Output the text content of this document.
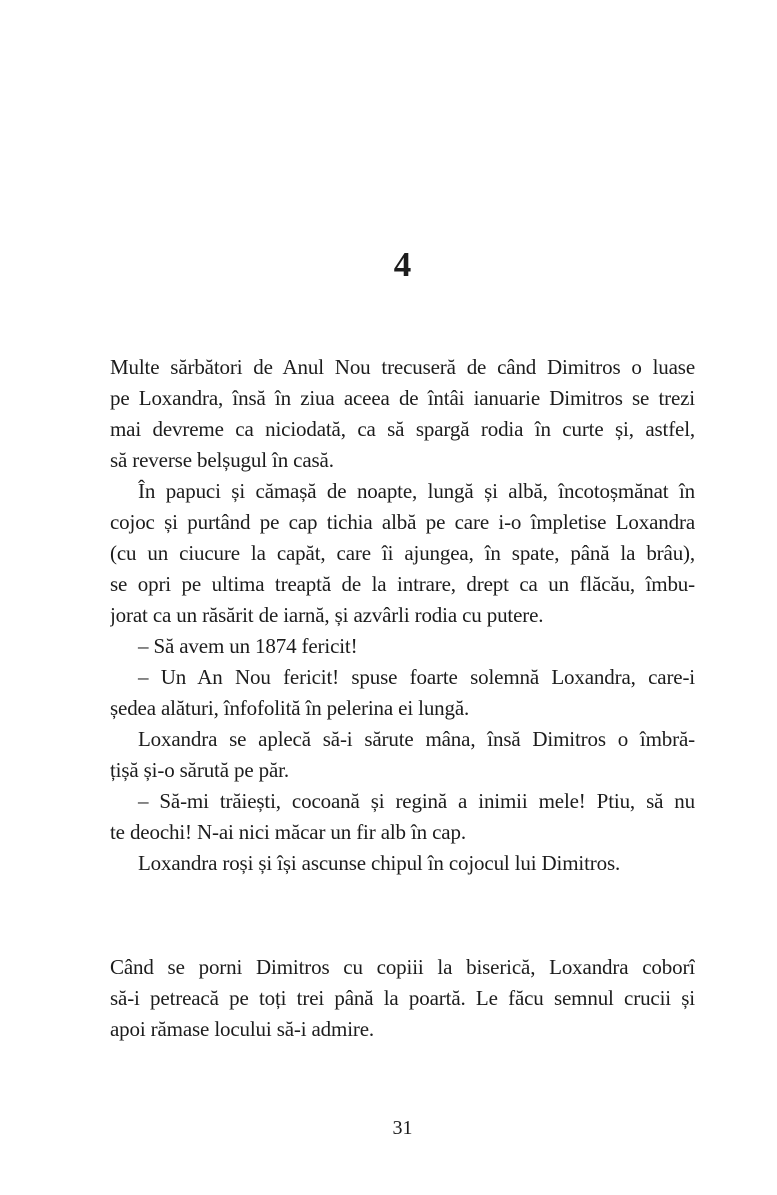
4
Multe sărbători de Anul Nou trecuseră de când Dimitros o luase
pe Loxandra, însă în ziua aceea de întâi ianuarie Dimitros se trezi
mai devreme ca niciodată, ca să spargă rodia în curte și, astfel,
să reverse belșugul în casă.
În papuci și cămașă de noapte, lungă și albă, încotoșmănat în
cojoc și purtând pe cap tichia albă pe care i-o împletise Loxandra
(cu un ciucure la capăt, care îi ajungea, în spate, până la brâu),
se opri pe ultima treaptă de la intrare, drept ca un flăcău, îmbu-
jorat ca un răsărit de iarnă, și azvârli rodia cu putere.
– Să avem un 1874 fericit!
– Un An Nou fericit! spuse foarte solemnă Loxandra, care-i
ședea alături, înfofolită în pelerina ei lungă.
Loxandra se aplecă să-i sărute mâna, însă Dimitros o îmbră-
țișă și-o sărută pe păr.
– Să-mi trăiești, cocoană și regină a inimii mele! Ptiu, să nu
te deochi! N-ai nici măcar un fir alb în cap.
Loxandra roși și își ascunse chipul în cojocul lui Dimitros.
Când se porni Dimitros cu copiii la biserică, Loxandra coborî
să-i petreacă pe toți trei până la poartă. Le făcu semnul crucii și
apoi rămase locului să-i admire.
31
